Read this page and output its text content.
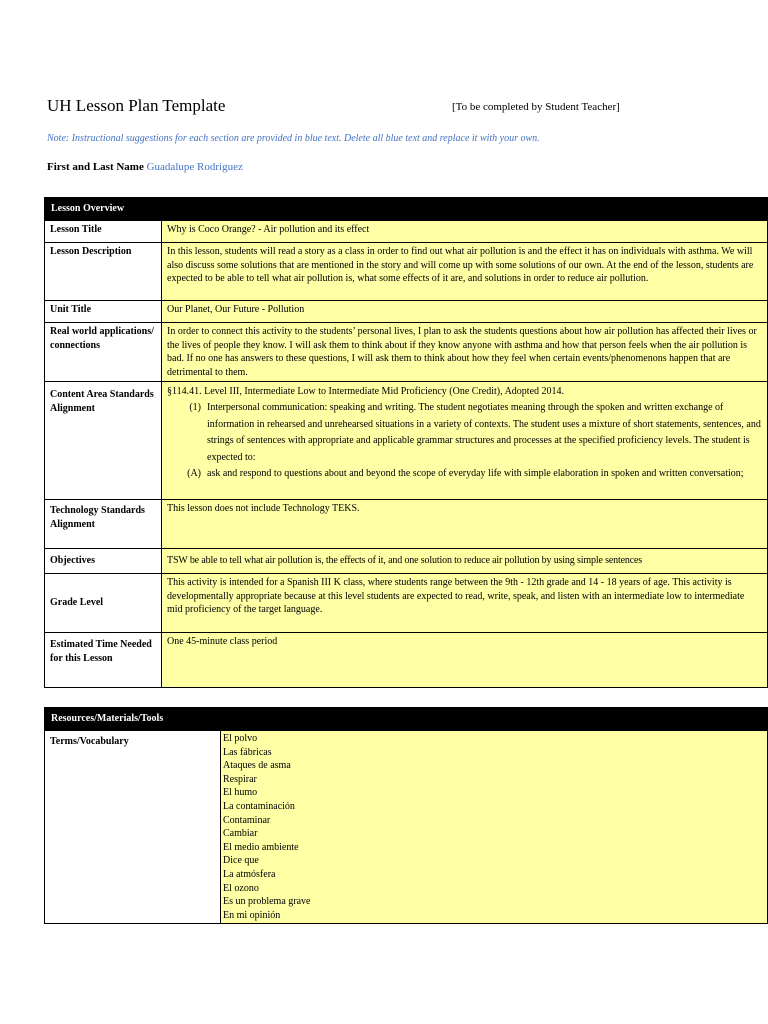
UH Lesson Plan Template	[To be completed by Student Teacher]
Note: Instructional suggestions for each section are provided in blue text. Delete all blue text and replace it with your own.
First and Last Name Guadalupe Rodriguez
Lesson Overview	
Lesson Title	Why is Coco Orange? - Air pollution and its effect
Lesson Description	In this lesson, students will read a story as a class in order to find out what air pollution is and the effect it has on individuals with asthma. We will also discuss some solutions that are mentioned in the story and will come up with some solutions of our own. At the end of the lesson, students are expected to be able to tell what air pollution is, what some effects of it are, and solutions in order to reduce air pollution.
Unit Title	Our Planet, Our Future - Pollution
Real world applications/ connections	In order to connect this activity to the students’ personal lives, I plan to ask the students questions about how air pollution has affected their lives or the lives of people they know. I will ask them to think about if they know anyone with asthma and how that person feels when the air pollution is bad. If no one has answers to these questions, I will ask them to think about how they feel when certain events/phenomenons happen that are detrimental to them.
Content Area Standards Alignment	§114.41. Level III, Intermediate Low to Intermediate Mid Proficiency (One Credit), Adopted 2014.
(1) Interpersonal communication: speaking and writing. The student negotiates meaning through the spoken and written exchange of information in rehearsed and unrehearsed situations in a variety of contexts. The student uses a mixture of short statements, sentences, and strings of sentences with appropriate and applicable grammar structures and processes at the specified proficiency levels. The student is expected to:
(A) ask and respond to questions about and beyond the scope of everyday life with simple elaboration in spoken and written conversation;

Technology Standards Alignment	This lesson does not include Technology TEKS.
Objectives	TSW be able to tell what air pollution is, the effects of it, and one solution to reduce air pollution by using simple sentences
Grade Level	This activity is intended for a Spanish III K class, where students range between the 9th - 12th grade and 14 - 18 years of age. This activity is developmentally appropriate because at this level students are expected to read, write, speak, and listen with an intermediate low to intermediate mid proficiency of the target language.
Estimated Time Needed for this Lesson	One 45-minute class period
Resources/Materials/Tools
Terms/Vocabulary	El polvo
Las fábricas
Ataques de asma
Respirar
El humo
La contaminación
Contaminar
Cambiar
El medio ambiente
Dice que
La atmósfera
El ozono
Es un problema grave
En mi opinión
